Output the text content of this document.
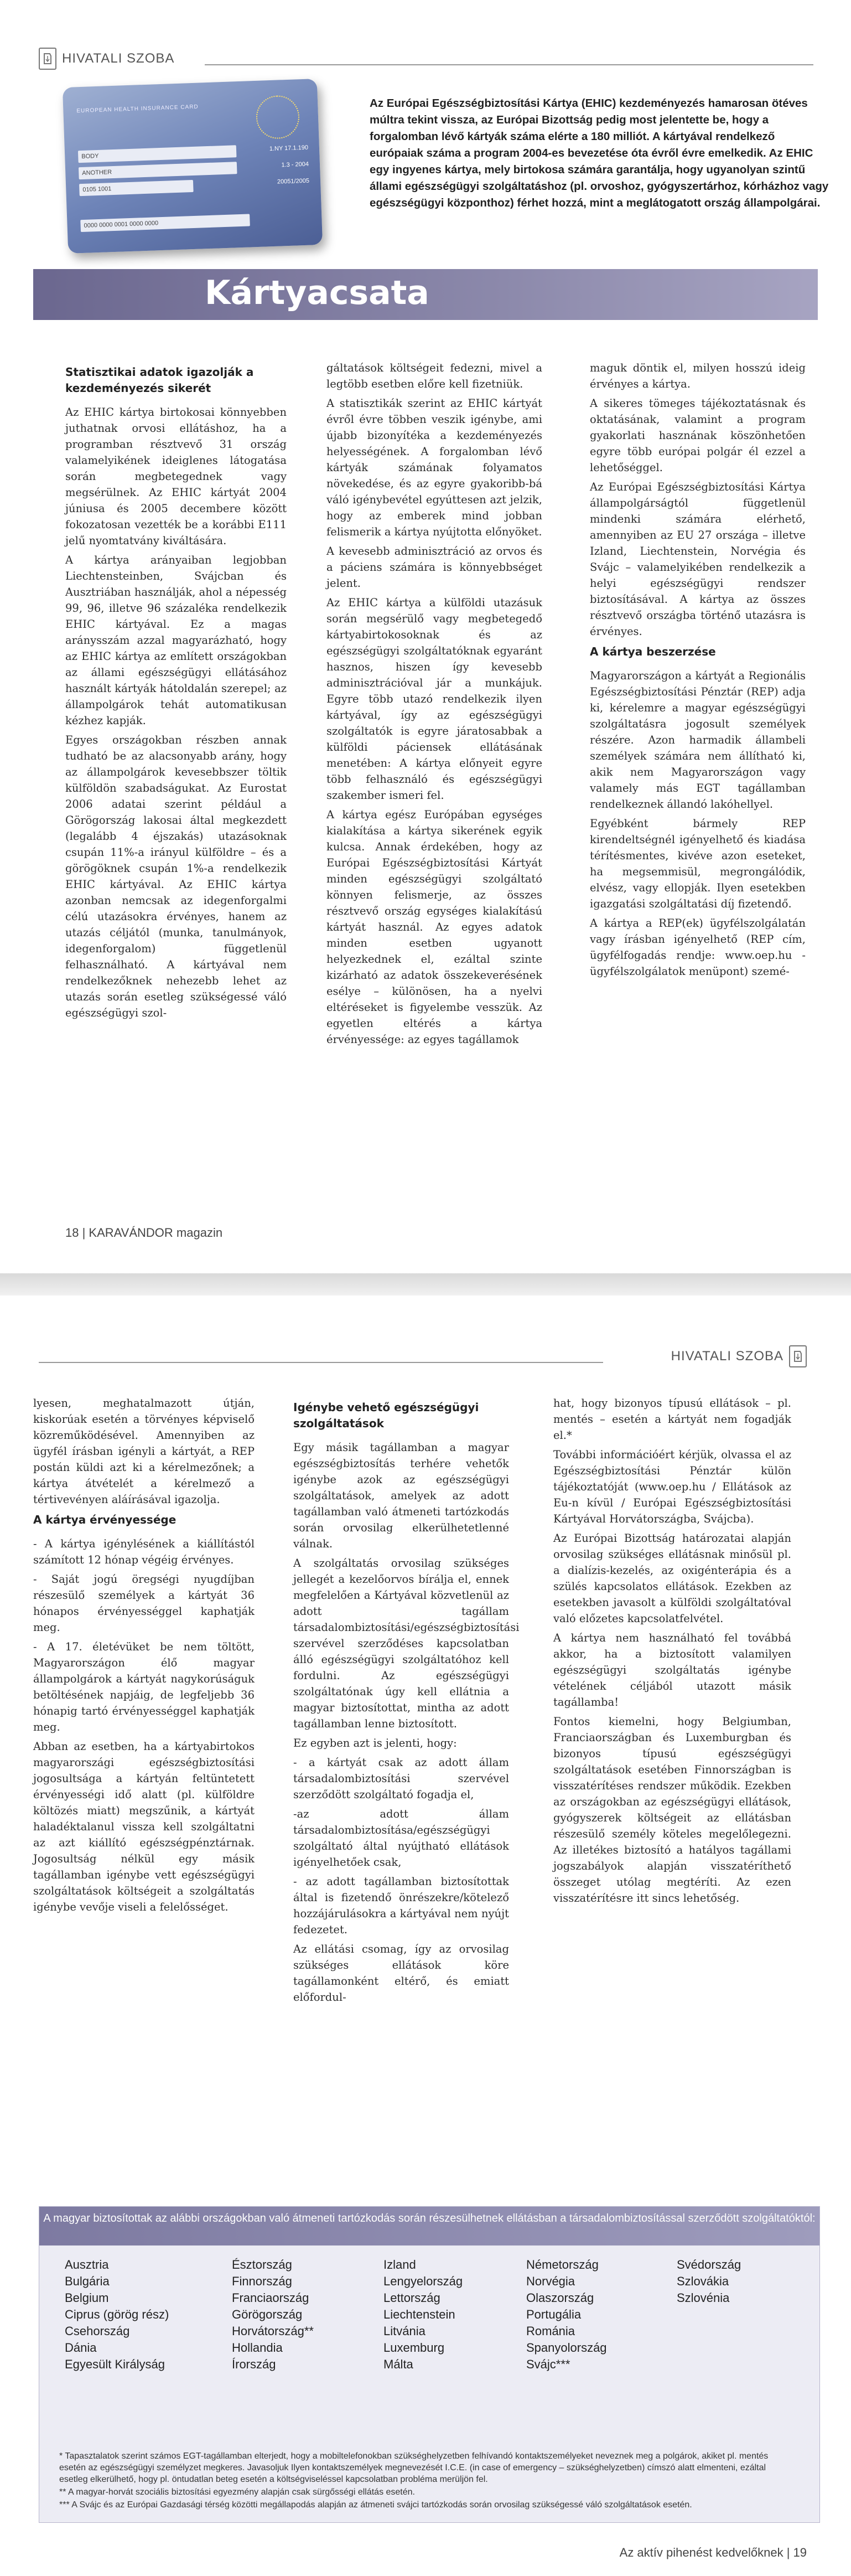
HIVATALI SZOBA
EUROPEAN HEALTH INSURANCE CARD
BODY
ANOTHER
0105 1001
0000 0000 0001 0000 0000
1.NY 17.1.190
1.3 - 2004
20051/2005
Az Európai Egészségbiztosítási Kártya (EHIC) kezdeményezés hamarosan ötéves múltra tekint vissza, az Európai Bizottság pedig most jelentette be, hogy a forgalomban lévő kártyák száma elérte a 180 milliót. A kártyával rendelkező európaiak száma a program 2004-es bevezetése óta évről évre emelkedik. Az EHIC egy ingyenes kártya, mely birtokosa számára garantálja, hogy ugyanolyan szintű állami egészségügyi szolgáltatáshoz (pl. orvoshoz, gyógyszertárhoz, kórházhoz vagy egészségügyi központhoz) férhet hozzá, mint a meglátogatott ország állampolgárai.
Kártyacsata
Statisztikai adatok igazolják a kezdeményezés sikerét

Az EHIC kártya birtokosai könnyebben juthatnak orvosi ellátáshoz, ha a programban résztvevő 31 ország valamelyikének ideiglenes látogatása során megbetegednek vagy megsérülnek. Az EHIC kártyát 2004 júniusa és 2005 decembere között fokozatosan vezették be a korábbi E111 jelű nyomtatvány kiváltására.

A kártya arányaiban legjobban Liechtensteinben, Svájcban és Ausztriában használják, ahol a népesség 99, 96, illetve 96 százaléka rendelkezik EHIC kártyával. Ez a magas aránysszám azzal magyarázható, hogy az EHIC kártya az említett országokban az állami egészségügyi ellátásához használt kártyák hátoldalán szerepel; az állampolgárok tehát automatikusan kézhez kapják.

Egyes országokban részben annak tudható be az alacsonyabb arány, hogy az állampolgárok kevesebbszer töltik külföldön szabadságukat. Az Eurostat 2006 adatai szerint például a Görögország lakosai által megkezdett (legalább 4 éjszakás) utazásoknak csupán 11%-a irányul külföldre – és a görögöknek csupán 1%-a rendelkezik EHIC kártyával. Az EHIC kártya azonban nemcsak az idegenforgalmi célú utazásokra érvényes, hanem az utazás céljától (munka, tanulmányok, idegenforgalom) függetlenül felhasználható. A kártyával nem rendelkezőknek nehezebb lehet az utazás során esetleg szükségessé váló egészségügyi szol-

gáltatások költségeit fedezni, mivel a legtöbb esetben előre kell fizetniük.

A statisztikák szerint az EHIC kártyát évről évre többen veszik igénybe, ami újabb bizonyítéka a kezdeményezés helyességének. A forgalomban lévő kártyák számának folyamatos növekedése, és az egyre gyakoribb-bá váló igénybevétel egyúttesen azt jelzik, hogy az emberek mind jobban felismerik a kártya nyújtotta előnyöket.

A kevesebb adminisztráció az orvos és a páciens számára is könnyebbséget jelent.

Az EHIC kártya a külföldi utazásuk során megsérülő vagy megbetegedő kártyabirtokosoknak és az egészségügyi szolgáltatóknak egyaránt hasznos, hiszen így kevesebb adminisztrációval jár a munkájuk. Egyre több utazó rendelkezik ilyen kártyával, így az egészségügyi szolgáltatók is egyre járatosabbak a külföldi páciensek ellátásának menetében: A kártya előnyeit egyre több felhasználó és egészségügyi szakember ismeri fel.

A kártya egész Európában egységes kialakítása a kártya sikerének egyik kulcsa. Annak érdekében, hogy az Európai Egészségbiztosítási Kártyát minden egészségügyi szolgáltató könnyen felismerje, az összes résztvevő ország egységes kialakítású kártyát használ. Az egyes adatok minden esetben ugyanott helyezkednek el, ezáltal szinte kizárható az adatok összekeverésének esélye – különösen, ha a nyelvi eltéréseket is figyelembe vesszük. Az egyetlen eltérés a kártya érvényessége: az egyes tagállamok

maguk döntik el, milyen hosszú ideig érvényes a kártya.

A sikeres tömeges tájékoztatásnak és oktatásának, valamint a program gyakorlati hasznának köszönhetően egyre több európai polgár él ezzel a lehetőséggel.

Az Európai Egészségbiztosítási Kártya állampolgárságtól függetlenül mindenki számára elérhető, amennyiben az EU 27 országa – illetve Izland, Liechtenstein, Norvégia és Svájc – valamelyikében rendelkezik a helyi egészségügyi rendszer biztosításával. A kártya az összes résztvevő országba történő utazásra is érvényes.

A kártya beszerzése

Magyarországon a kártyát a Regionális Egészségbiztosítási Pénztár (REP) adja ki, kérelemre a magyar egészségügyi szolgáltatásra jogosult személyek részére. Azon harmadik állambeli személyek számára nem állítható ki, akik nem Magyarországon vagy valamely más EGT tagállamban rendelkeznek állandó lakóhellyel.

Egyébként bármely REP kirendeltségnél igényelhető és kiadása térítésmentes, kivéve azon eseteket, ha megsemmisül, megrongálódik, elvész, vagy ellopják. Ilyen esetekben igazgatási szolgáltatási díj fizetendő.

A kártya a REP(ek) ügyfélszolgálatán vagy írásban igényelhető (REP cím, ügyfélfogadás rendje: www.oep.hu - ügyfélszolgálatok menüpont) szemé-

18 | KARAVÁNDOR magazin
HIVATALI SZOBA

lyesen, meghatalmazott útján, kiskorúak esetén a törvényes képviselő közreműködésével. Amennyiben az ügyfél írásban igényli a kártyát, a REP postán küldi azt ki a kérelmezőnek; a kártya átvételét a kérelmező a tértivevényen aláírásával igazolja.

A kártya érvényessége

- A kártya igénylésének a kiállítástól számított 12 hónap végéig érvényes.

- Saját jogú öregségi nyugdíjban részesülő személyek a kártyát 36 hónapos érvényességgel kaphatják meg.

- A 17. életévüket be nem töltött, Magyarországon élő magyar állampolgárok a kártyát nagykorúságuk betöltésének napjáig, de legfeljebb 36 hónapig tartó érvényességgel kaphatják meg.

Abban az esetben, ha a kártyabirtokos magyarországi egészségbiztosítási jogosultsága a kártyán feltüntetett érvényességi idő alatt (pl. külföldre költözés miatt) megszűnik, a kártyát haladéktalanul vissza kell szolgáltatni az azt kiállító egészségpénztárnak. Jogosultság nélkül egy másik tagállamban igénybe vett egészségügyi szolgáltatások költségeit a szolgáltatás igénybe vevője viseli a felelősséget.

Igénybe vehető egészségügyi szolgáltatások

Egy másik tagállamban a magyar egészségbiztosítás terhére vehetők igénybe azok az egészségügyi szolgáltatások, amelyek az adott tagállamban való átmeneti tartózkodás során orvosilag elkerülhetetlenné válnak.

A szolgáltatás orvosilag szükséges jellegét a kezelőorvos bírálja el, ennek megfelelően a Kártyával közvetlenül az adott tagállam társadalombiztosítási/egészségbiztosítási szervével szerződéses kapcsolatban álló egészségügyi szolgáltatóhoz kell fordulni. Az egészségügyi szolgáltatónak úgy kell ellátnia a magyar biztosítottat, mintha az adott tagállamban lenne biztosított.

Ez egyben azt is jelenti, hogy:

- a kártyát csak az adott állam társadalombiztosítási szervével szerződött szolgáltató fogadja el,

-az adott állam társadalombiztosítása/egészségügyi szolgáltató által nyújtható ellátások igényelhetőek csak,

- az adott tagállamban biztosítottak által is fizetendő önrészekre/kötelező hozzájárulásokra a kártyával nem nyújt fedezetet.

Az ellátási csomag, így az orvosilag szükséges ellátások köre tagállamonként eltérő, és emiatt előfordul-

hat, hogy bizonyos típusú ellátások – pl. mentés – esetén a kártyát nem fogadják el.*

További információért kérjük, olvassa el az Egészségbiztosítási Pénztár külön tájékoztatóját (www.oep.hu / Ellátások az Eu-n kívül / Európai Egészségbiztosítási Kártyával Horvátországba, Svájcba).

Az Európai Bizottság határozatai alapján orvosilag szükséges ellátásnak minősül pl. a dialízis-kezelés, az oxigénterápia és a szülés kapcsolatos ellátások. Ezekben az esetekben javasolt a külföldi szolgáltatóval való előzetes kapcsolatfelvétel.

A kártya nem használható fel továbbá akkor, ha a biztosított valamilyen egészségügyi szolgáltatás igénybe vételének céljából utazott másik tagállamba!

Fontos kiemelni, hogy Belgiumban, Franciaországban és Luxemburgban és bizonyos típusú egészségügyi szolgáltatások esetében Finnországban is visszatérítéses rendszer működik. Ezekben az országokban az egészségügyi ellátások, gyógyszerek költségeit az ellátásban részesülő személy köteles megelőlegezni. Az illetékes biztosító a hatályos tagállami jogszabályok alapján visszatéríthető összeget utólag megtéríti. Az ezen visszatérítésre itt sincs lehetőség.

A magyar biztosítottak az alábbi országokban való átmeneti tartózkodás során részesülhetnek ellátásban a társadalombiztosítással szerződött szolgáltatóktól:
Ausztria
Bulgária
Belgium
Ciprus (görög rész)
Csehország
Dánia
Egyesült Királyság
Észtország
Finnország
Franciaország
Görögország
Horvátország**
Hollandia
Írország
Izland
Lengyelország
Lettország
Liechtenstein
Litvánia
Luxemburg
Málta
Németország
Norvégia
Olaszország
Portugália
Románia
Spanyolország
Svájc***
Svédország
Szlovákia
Szlovénia

* Tapasztalatok szerint számos EGT-tagállamban elterjedt, hogy a mobiltelefonokban szükséghelyzetben felhívandó kontaktszemélyeket neveznek meg a polgárok, akiket pl. mentés esetén az egészségügyi személyzet megkeres. Javasoljuk Ilyen kontaktszemélyek megnevezését I.C.E. (in case of emergency – szükséghelyzetben) címszó alatt elmenteni, ezáltal esetleg elkerülhető, hogy pl. öntudatlan beteg esetén a költségviseléssel kapcsolatban probléma merüljön fel.

** A magyar-horvát szociális biztosítási egyezmény alapján csak sürgősségi ellátás esetén.

*** A Svájc és az Európai Gazdasági térség közötti megállapodás alapján az átmeneti svájci tartózkodás során orvosilag szükségessé váló szolgáltatások esetén.

Az aktív pihenést kedvelőknek | 19
